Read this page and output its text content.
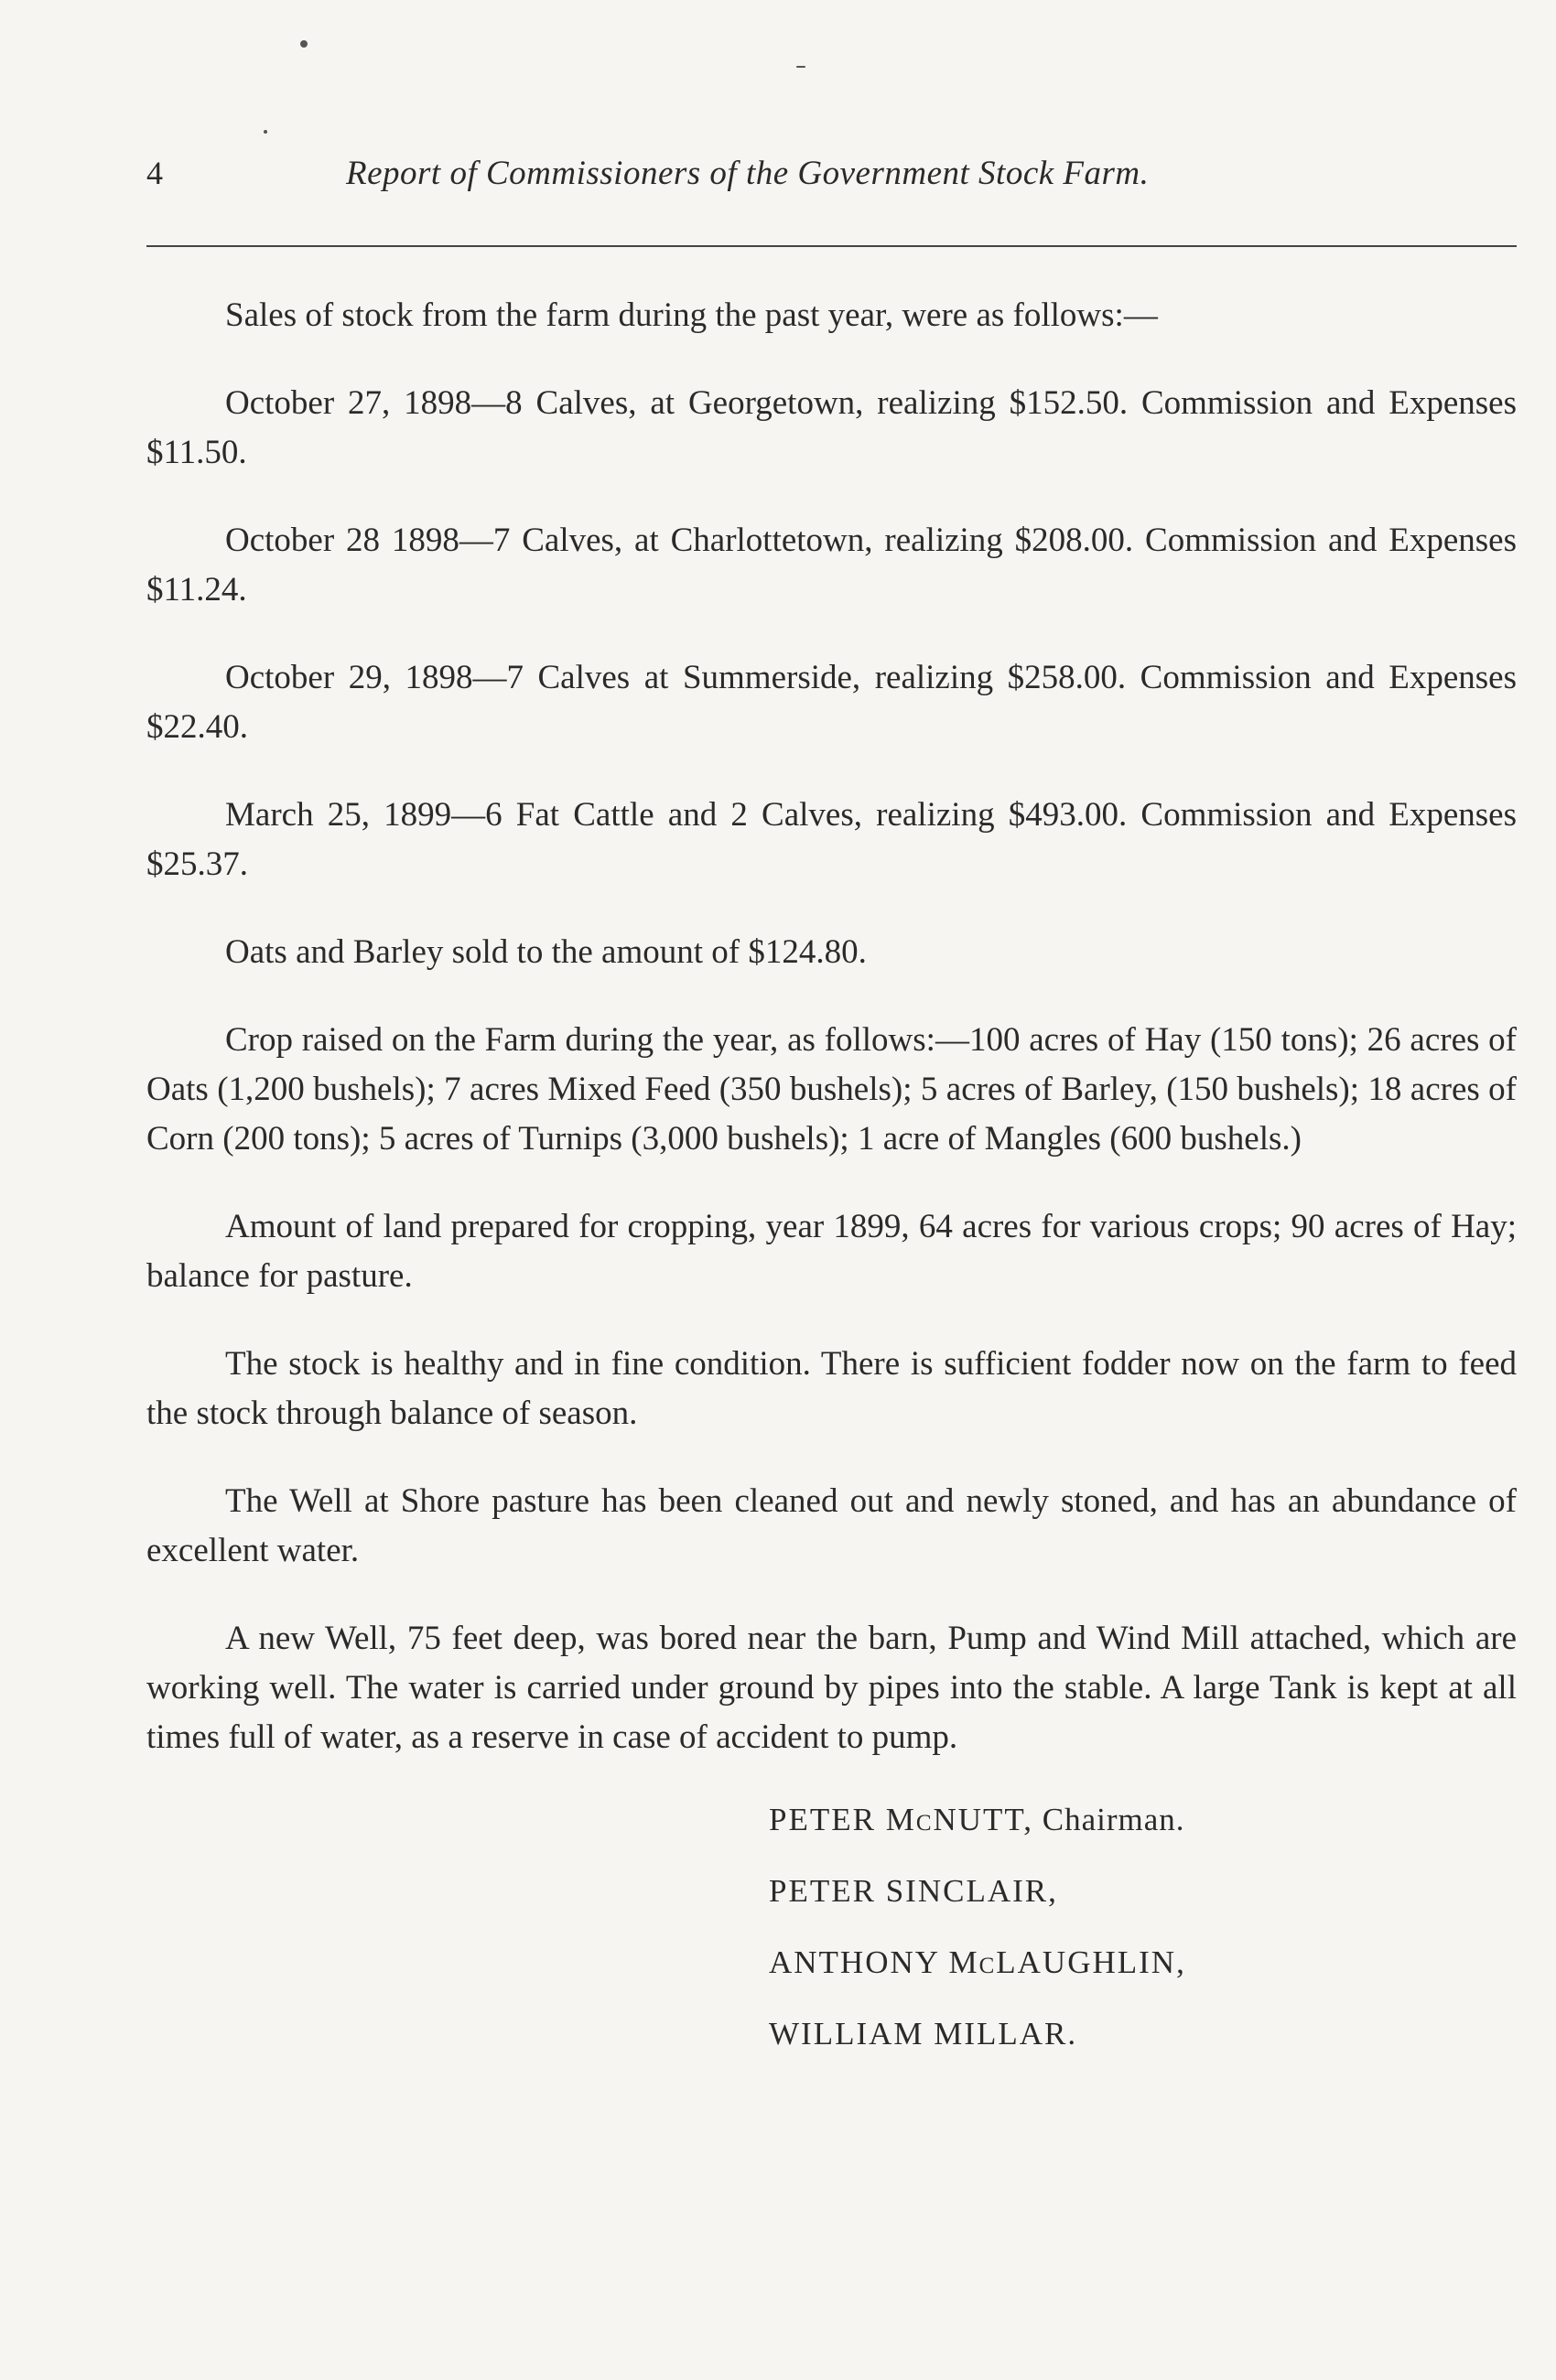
4	Report of Commissioners of the Government Stock Farm.

Sales of stock from the farm during the past year, were as follows:—

October 27, 1898—8 Calves, at Georgetown, realizing $152.50. Commission and Expenses $11.50.

October 28 1898—7 Calves, at Charlottetown, realizing $208.00. Commission and Expenses $11.24.

October 29, 1898—7 Calves at Summerside, realizing $258.00. Commission and Expenses $22.40.

March 25, 1899—6 Fat Cattle and 2 Calves, realizing $493.00. Commission and Expenses $25.37.

Oats and Barley sold to the amount of $124.80.

Crop raised on the Farm during the year, as follows:—100 acres of Hay (150 tons); 26 acres of Oats (1,200 bushels); 7 acres Mixed Feed (350 bushels); 5 acres of Barley, (150 bushels); 18 acres of Corn (200 tons); 5 acres of Turnips (3,000 bushels); 1 acre of Mangles (600 bushels.)

Amount of land prepared for cropping, year 1899, 64 acres for various crops; 90 acres of Hay; balance for pasture.

The stock is healthy and in fine condition. There is sufficient fodder now on the farm to feed the stock through balance of season.

The Well at Shore pasture has been cleaned out and newly stoned, and has an abundance of excellent water.

A new Well, 75 feet deep, was bored near the barn, Pump and Wind Mill attached, which are working well. The water is carried under ground by pipes into the stable. A large Tank is kept at all times full of water, as a reserve in case of accident to pump.

PETER McNUTT, Chairman.
PETER SINCLAIR,
ANTHONY McLAUGHLIN,
WILLIAM MILLAR.
